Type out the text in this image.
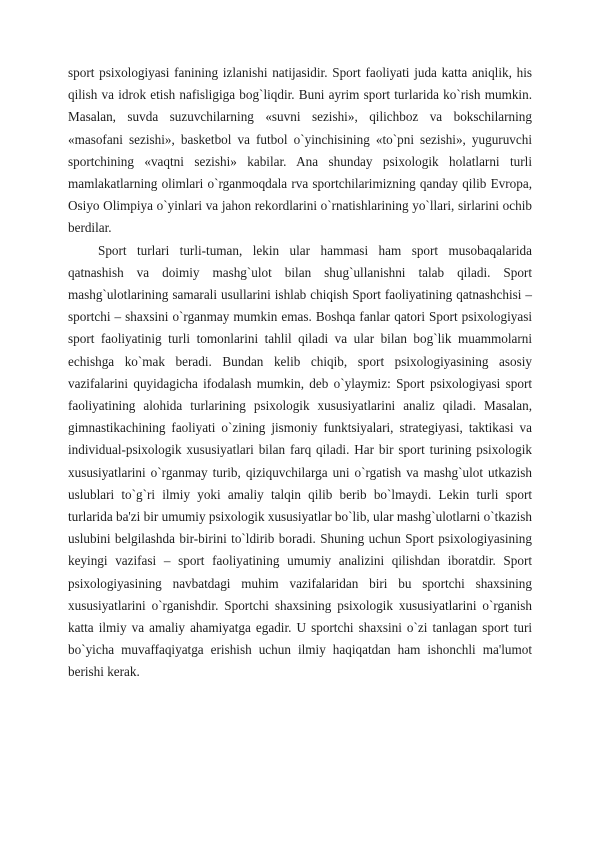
sport psixologiyasi fanining izlanishi natijasidir. Sport faoliyati juda katta aniqlik, his qilish va idrok etish nafisligiga bog`liqdir. Buni ayrim sport turlarida ko`rish mumkin. Masalan, suvda suzuvchilarning «suvni sezishi», qilichboz va bokschilarning «masofani sezishi», basketbol va futbol o`yinchisining «to`pni sezishi», yuguruvchi sportchining «vaqtni sezishi» kabilar. Ana shunday psixologik holatlarni turli mamlakatlarning olimlari o`rganmoqdala rva sportchilarimizning qanday qilib Evropa, Osiyo Olimpiya o`yinlari va jahon rekordlarini o`rnatishlarining yo`llari, sirlarini ochib berdilar.

Sport turlari turli-tuman, lekin ular hammasi ham sport musobaqalarida qatnashish va doimiy mashg`ulot bilan shug`ullanishni talab qiladi. Sport mashg`ulotlarining samarali usullarini ishlab chiqish Sport faoliyatining qatnashchisi – sportchi – shaxsini o`rganmay mumkin emas. Boshqa fanlar qatori Sport psixologiyasi sport faoliyatinig turli tomonlarini tahlil qiladi va ular bilan bog`lik muammolarni echishga ko`mak beradi. Bundan kelib chiqib, sport psixologiyasining asosiy vazifalarini quyidagicha ifodalash mumkin, deb o`ylaymiz: Sport psixologiyasi sport faoliyatining alohida turlarining psixologik xususiyatlarini analiz qiladi. Masalan, gimnastikachining faoliyati o`zining jismoniy funktsiyalari, strategiyasi, taktikasi va individual-psixologik xususiyatlari bilan farq qiladi. Har bir sport turining psixologik xususiyatlarini o`rganmay turib, qiziquvchilarga uni o`rgatish va mashg`ulot utkazish uslublari to`g`ri ilmiy yoki amaliy talqin qilib berib bo`lmaydi. Lekin turli sport turlarida ba'zi bir umumiy psixologik xususiyatlar bo`lib, ular mashg`ulotlarni o`tkazish uslubini belgilashda bir-birini to`ldirib boradi. Shuning uchun Sport psixologiyasining keyingi vazifasi – sport faoliyatining umumiy analizini qilishdan iboratdir. Sport psixologiyasining navbatdagi muhim vazifalaridan biri bu sportchi shaxsining xususiyatlarini o`rganishdir. Sportchi shaxsining psixologik xususiyatlarini o`rganish katta ilmiy va amaliy ahamiyatga egadir. U sportchi shaxsini o`zi tanlagan sport turi bo`yicha muvaffaqiyatga erishish uchun ilmiy haqiqatdan ham ishonchli ma'lumot berishi kerak.
